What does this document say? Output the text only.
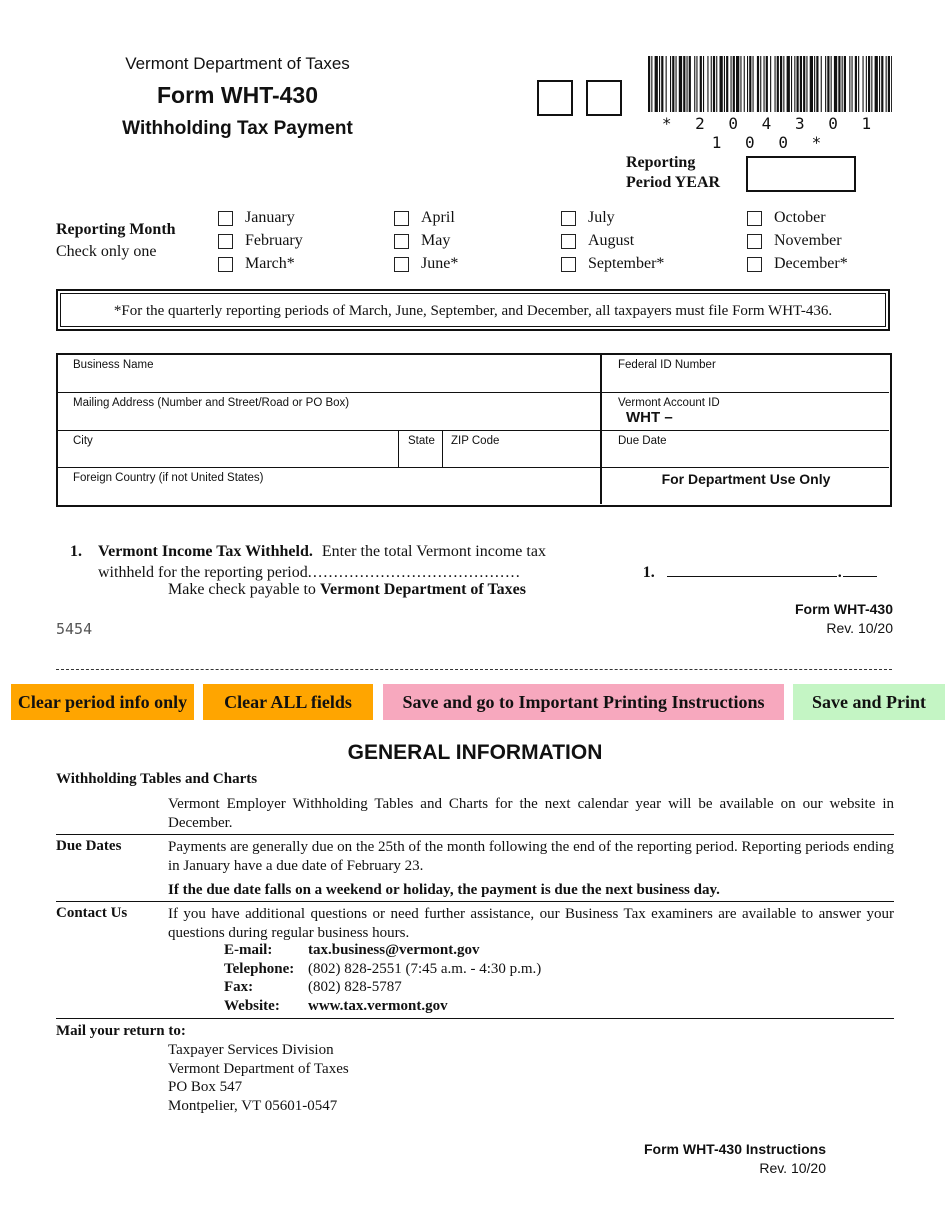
Vermont Department of Taxes
Form WHT-430
Withholding Tax Payment	* 2 0 4 3 0 1 1 0 0 *
Reporting
Period YEAR
Reporting Month
Check only one
January
February
March*
April
May
June*
July
August
September*
October
November
December*
*For the quarterly reporting periods of March, June, September, and December, all taxpayers must file Form WHT-436.
Business Name	Federal ID Number
Mailing Address (Number and Street/Road or PO Box)	Vermont Account ID
WHT –
City	State	ZIP Code	Due Date
Foreign Country (if not United States)	For Department Use Only
1.	Vermont Income Tax Withheld. Enter the total Vermont income tax
withheld for the reporting period . . . . . . . . . . . . . . . . . . . . . . . . . . . . . . . . . . . . . . . . .	1.	.
Make check payable to Vermont Department of Taxes
Form WHT-430
Rev. 10/20
5454
Clear period info only	Clear ALL fields	Save and go to Important Printing Instructions	Save and Print
GENERAL INFORMATION
Withholding Tables and Charts
Vermont Employer Withholding Tables and Charts for the next calendar year will be available on our website in December.
Due Dates	Payments are generally due on the 25th of the month following the end of the reporting period. Reporting periods ending in January have a due date of February 23.
If the due date falls on a weekend or holiday, the payment is due the next business day.
Contact Us	If you have additional questions or need further assistance, our Business Tax examiners are available to answer your questions during regular business hours.
E-mail:	tax.business@vermont.gov
Telephone: (802) 828-2551 (7:45 a.m. - 4:30 p.m.)
Fax:	(802) 828-5787
Website:	www.tax.vermont.gov
Mail your return to:
Taxpayer Services Division
Vermont Department of Taxes
PO Box 547
Montpelier, VT 05601-0547
Form WHT-430 Instructions
Rev. 10/20
